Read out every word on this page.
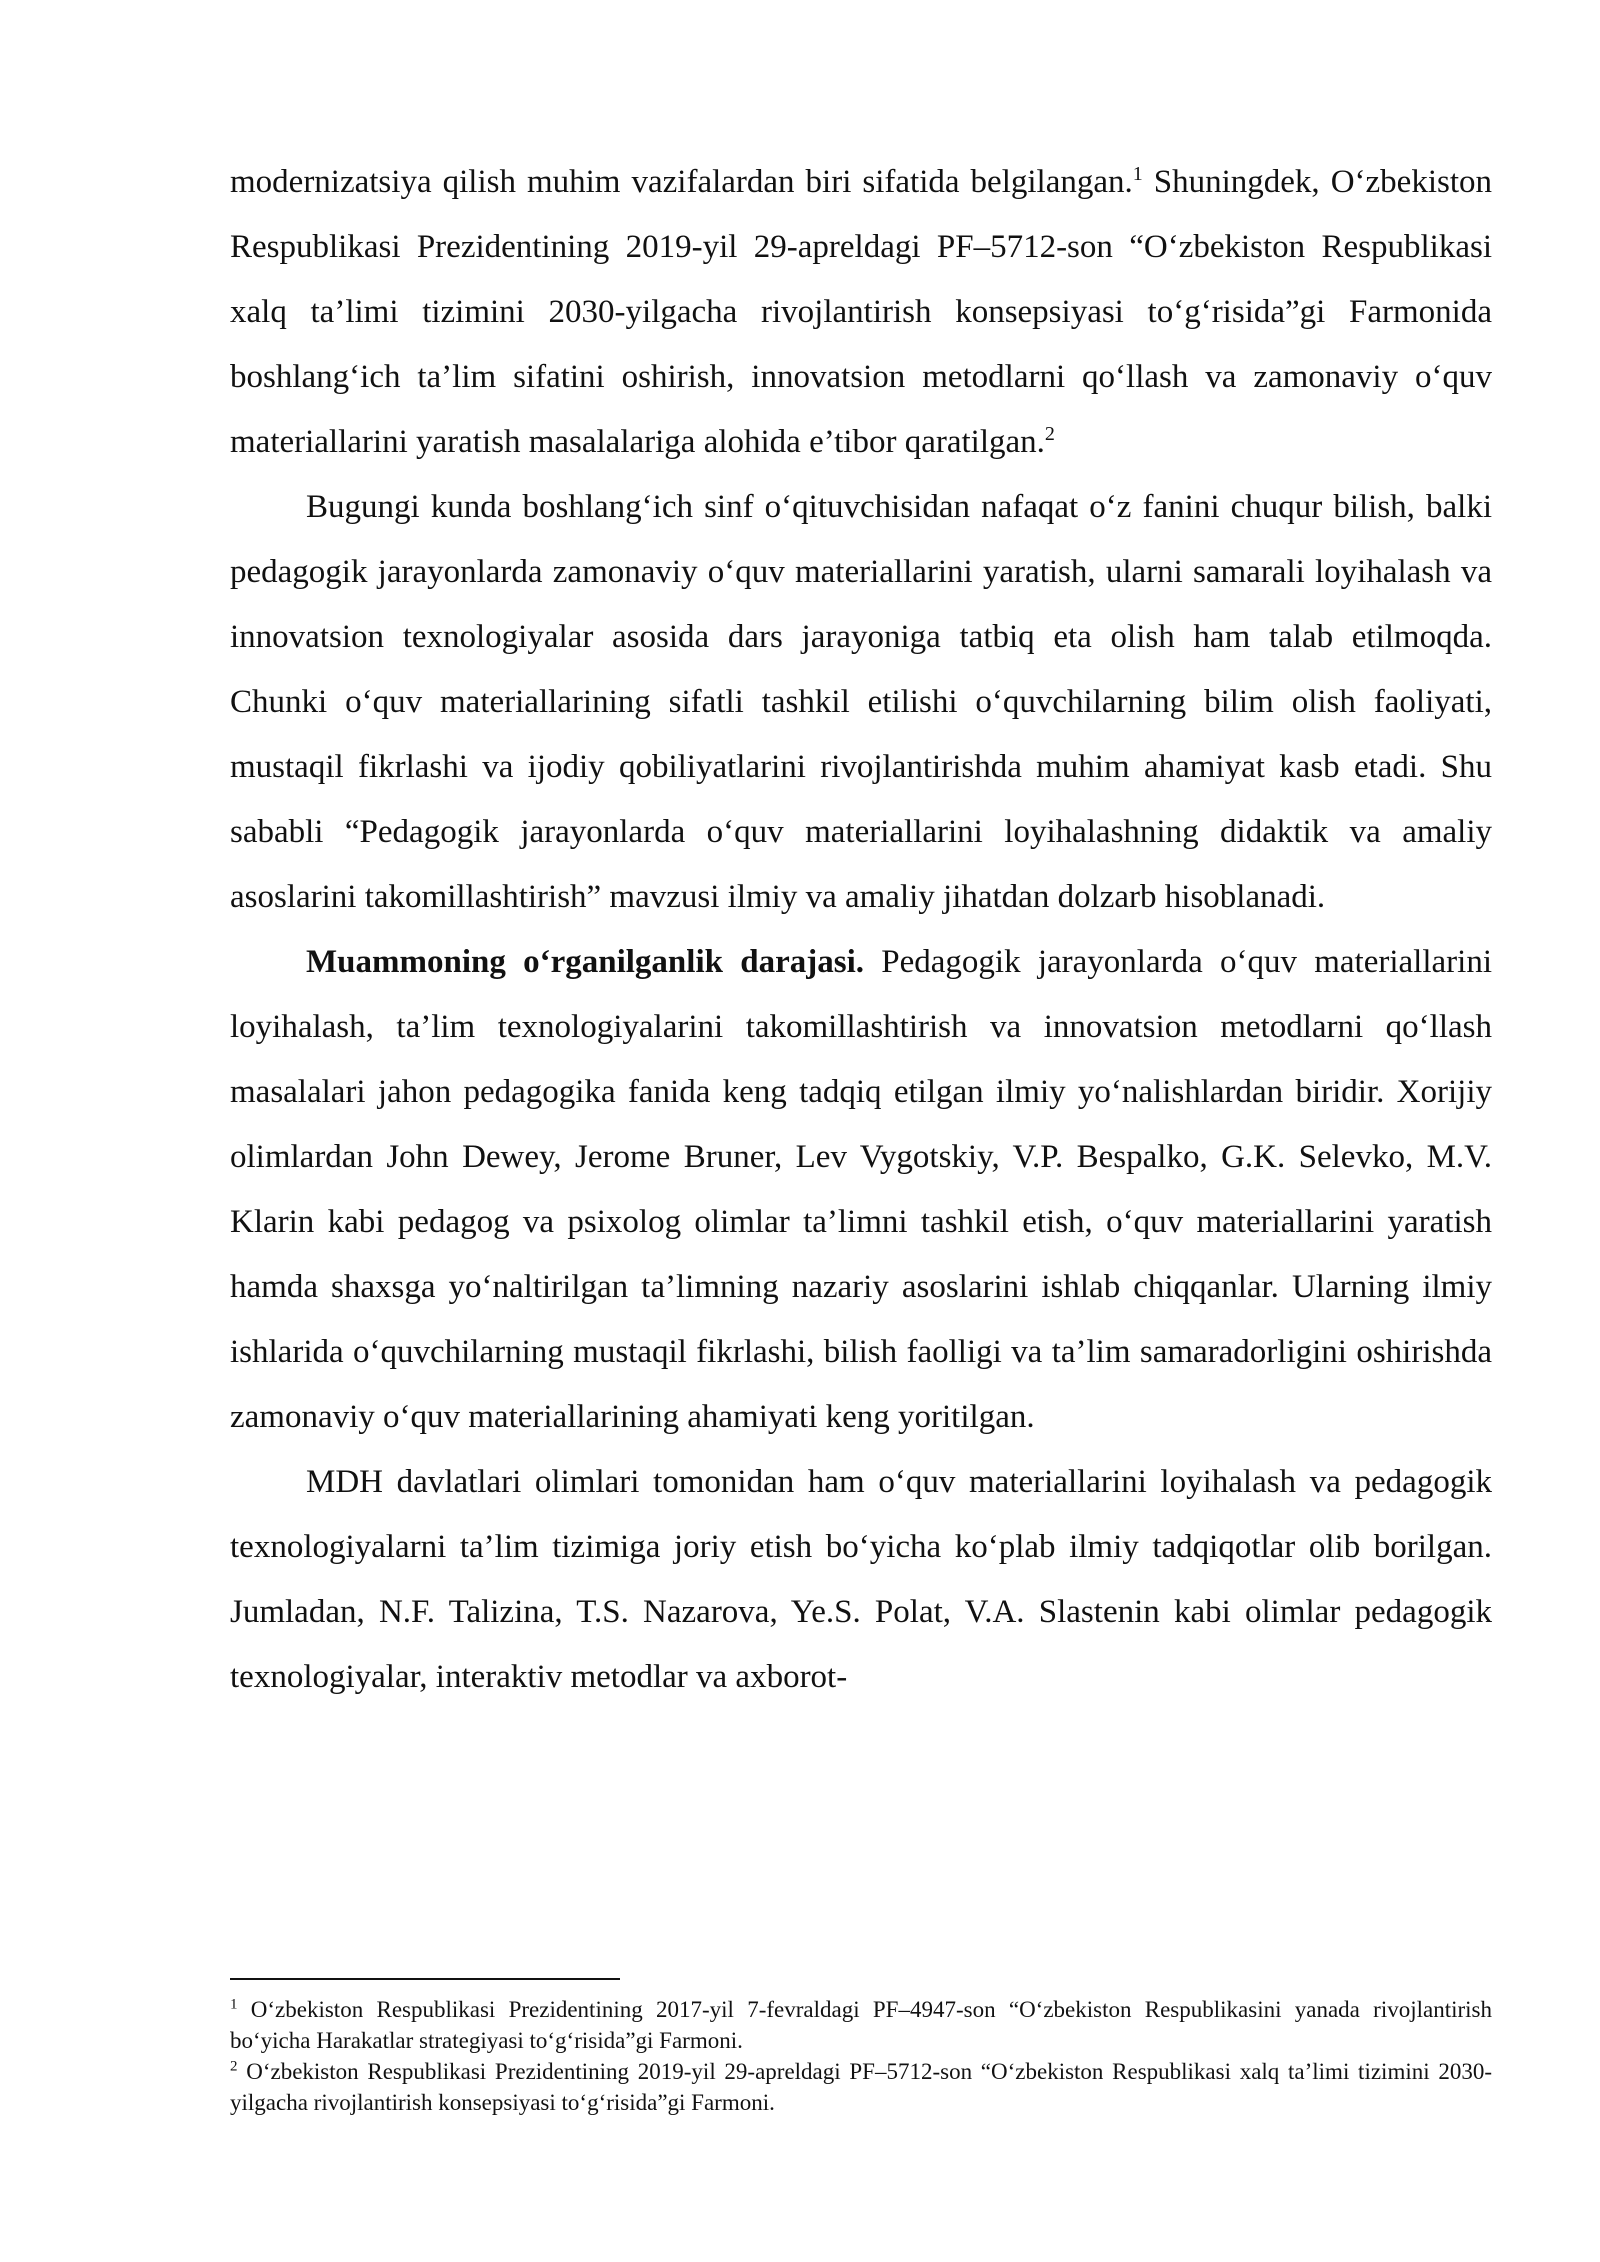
modernizatsiya qilish muhim vazifalardan biri sifatida belgilangan.$^1$ Shuningdek, O‘zbekiston Respublikasi Prezidentining 2019-yil 29-apreldagi PF–5712-son “O‘zbekiston Respublikasi xalq ta’limi tizimini 2030-yilgacha rivojlantirish konsepsiyasi to‘g‘risida”gi Farmonida boshlang‘ich ta’lim sifatini oshirish, innovatsion metodlarni qo‘llash va zamonaviy o‘quv materiallarini yaratish masalalariga alohida e’tibor qaratilgan.$^2$

Bugungi kunda boshlang‘ich sinf o‘qituvchisidan nafaqat o‘z fanini chuqur bilish, balki pedagogik jarayonlarda zamonaviy o‘quv materiallarini yaratish, ularni samarali loyihalash va innovatsion texnologiyalar asosida dars jarayoniga tatbiq eta olish ham talab etilmoqda. Chunki o‘quv materiallarining sifatli tashkil etilishi o‘quvchilarning bilim olish faoliyati, mustaqil fikrlashi va ijodiy qobiliyatlarini rivojlantirishda muhim ahamiyat kasb etadi. Shu sababli “Pedagogik jarayonlarda o‘quv materiallarini loyihalashning didaktik va amaliy asoslarini takomillashtirish” mavzusi ilmiy va amaliy jihatdan dolzarb hisoblanadi.

Muammoning o‘rganilganlik darajasi. Pedagogik jarayonlarda o‘quv materiallarini loyihalash, ta’lim texnologiyalarini takomillashtirish va innovatsion metodlarni qo‘llash masalalari jahon pedagogika fanida keng tadqiq etilgan ilmiy yo‘nalishlardan biridir. Xorijiy olimlardan John Dewey, Jerome Bruner, Lev Vygotskiy, V.P. Bespalko, G.K. Selevko, M.V. Klarin kabi pedagog va psixolog olimlar ta’limni tashkil etish, o‘quv materiallarini yaratish hamda shaxsga yo‘naltirilgan ta’limning nazariy asoslarini ishlab chiqqanlar. Ularning ilmiy ishlarida o‘quvchilarning mustaqil fikrlashi, bilish faolligi va ta’lim samaradorligini oshirishda zamonaviy o‘quv materiallarining ahamiyati keng yoritilgan.

MDH davlatlari olimlari tomonidan ham o‘quv materiallarini loyihalash va pedagogik texnologiyalarni ta’lim tizimiga joriy etish bo‘yicha ko‘plab ilmiy tadqiqotlar olib borilgan. Jumladan, N.F. Talizina, T.S. Nazarova, Ye.S. Polat, V.A. Slastenin kabi olimlar pedagogik texnologiyalar, interaktiv metodlar va axborot-

$^1$ O‘zbekiston Respublikasi Prezidentining 2017-yil 7-fevraldagi PF–4947-son “O‘zbekiston Respublikasini yanada rivojlantirish bo‘yicha Harakatlar strategiyasi to‘g‘risida”gi Farmoni.

$^2$ O‘zbekiston Respublikasi Prezidentining 2019-yil 29-apreldagi PF–5712-son “O‘zbekiston Respublikasi xalq ta’limi tizimini 2030-yilgacha rivojlantirish konsepsiyasi to‘g‘risida”gi Farmoni.
